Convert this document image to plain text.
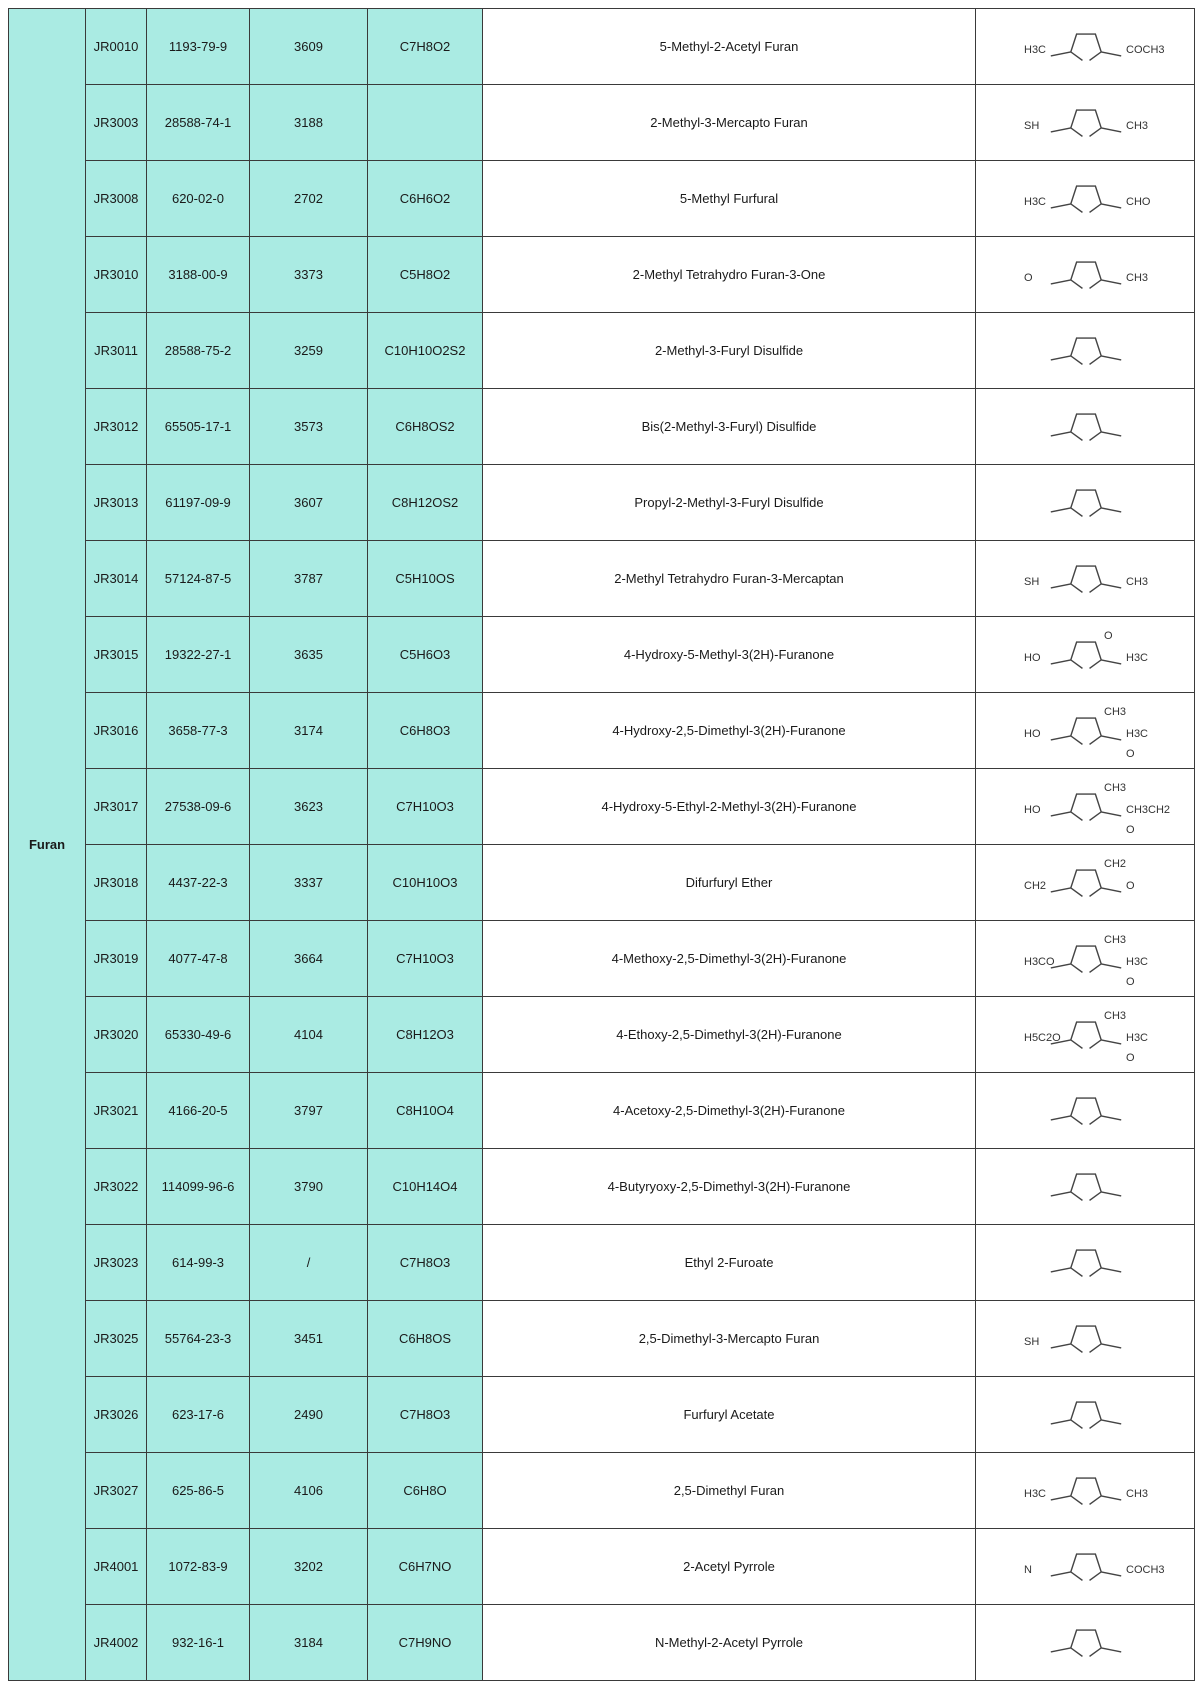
Furan	JR0010	1193-79-9	3609	C7H8O2	5-Methyl-2-Acetyl Furan	H3C COCH3

	JR3003	28588-74-1	3188		2-Methyl-3-Mercapto Furan	SH CH3

	JR3008	620-02-0	2702	C6H6O2	5-Methyl Furfural	H3C CHO

	JR3010	3188-00-9	3373	C5H8O2	2-Methyl Tetrahydro Furan-3-One	O CH3

	JR3011	28588-75-2	3259	C10H10O2S2	2-Methyl-3-Furyl Disulfide	

	JR3012	65505-17-1	3573	C6H8OS2	Bis(2-Methyl-3-Furyl) Disulfide	

	JR3013	61197-09-9	3607	C8H12OS2	Propyl-2-Methyl-3-Furyl Disulfide	

	JR3014	57124-87-5	3787	C5H10OS	2-Methyl Tetrahydro Furan-3-Mercaptan	SH CH3

	JR3015	19322-27-1	3635	C5H6O3	4-Hydroxy-5-Methyl-3(2H)-Furanone	HO H3C
O

	JR3016	3658-77-3	3174	C6H8O3	4-Hydroxy-2,5-Dimethyl-3(2H)-Furanone	HO H3C
CH3
O

	JR3017	27538-09-6	3623	C7H10O3	4-Hydroxy-5-Ethyl-2-Methyl-3(2H)-Furanone	HO CH3CH2
CH3
O

	JR3018	4437-22-3	3337	C10H10O3	Difurfuryl Ether	CH2 O
CH2

	JR3019	4077-47-8	3664	C7H10O3	4-Methoxy-2,5-Dimethyl-3(2H)-Furanone	H3CO H3C
CH3
O

	JR3020	65330-49-6	4104	C8H12O3	4-Ethoxy-2,5-Dimethyl-3(2H)-Furanone	H5C2O H3C
CH3
O

	JR3021	4166-20-5	3797	C8H10O4	4-Acetoxy-2,5-Dimethyl-3(2H)-Furanone	

	JR3022	114099-96-6	3790	C10H14O4	4-Butyryoxy-2,5-Dimethyl-3(2H)-Furanone	

	JR3023	614-99-3	/	C7H8O3	Ethyl 2-Furoate	

	JR3025	55764-23-3	3451	C6H8OS	2,5-Dimethyl-3-Mercapto Furan	SH

	JR3026	623-17-6	2490	C7H8O3	Furfuryl Acetate	

	JR3027	625-86-5	4106	C6H8O	2,5-Dimethyl Furan	H3C CH3

	JR4001	1072-83-9	3202	C6H7NO	2-Acetyl Pyrrole	N COCH3

	JR4002	932-16-1	3184	C7H9NO	N-Methyl-2-Acetyl Pyrrole	
